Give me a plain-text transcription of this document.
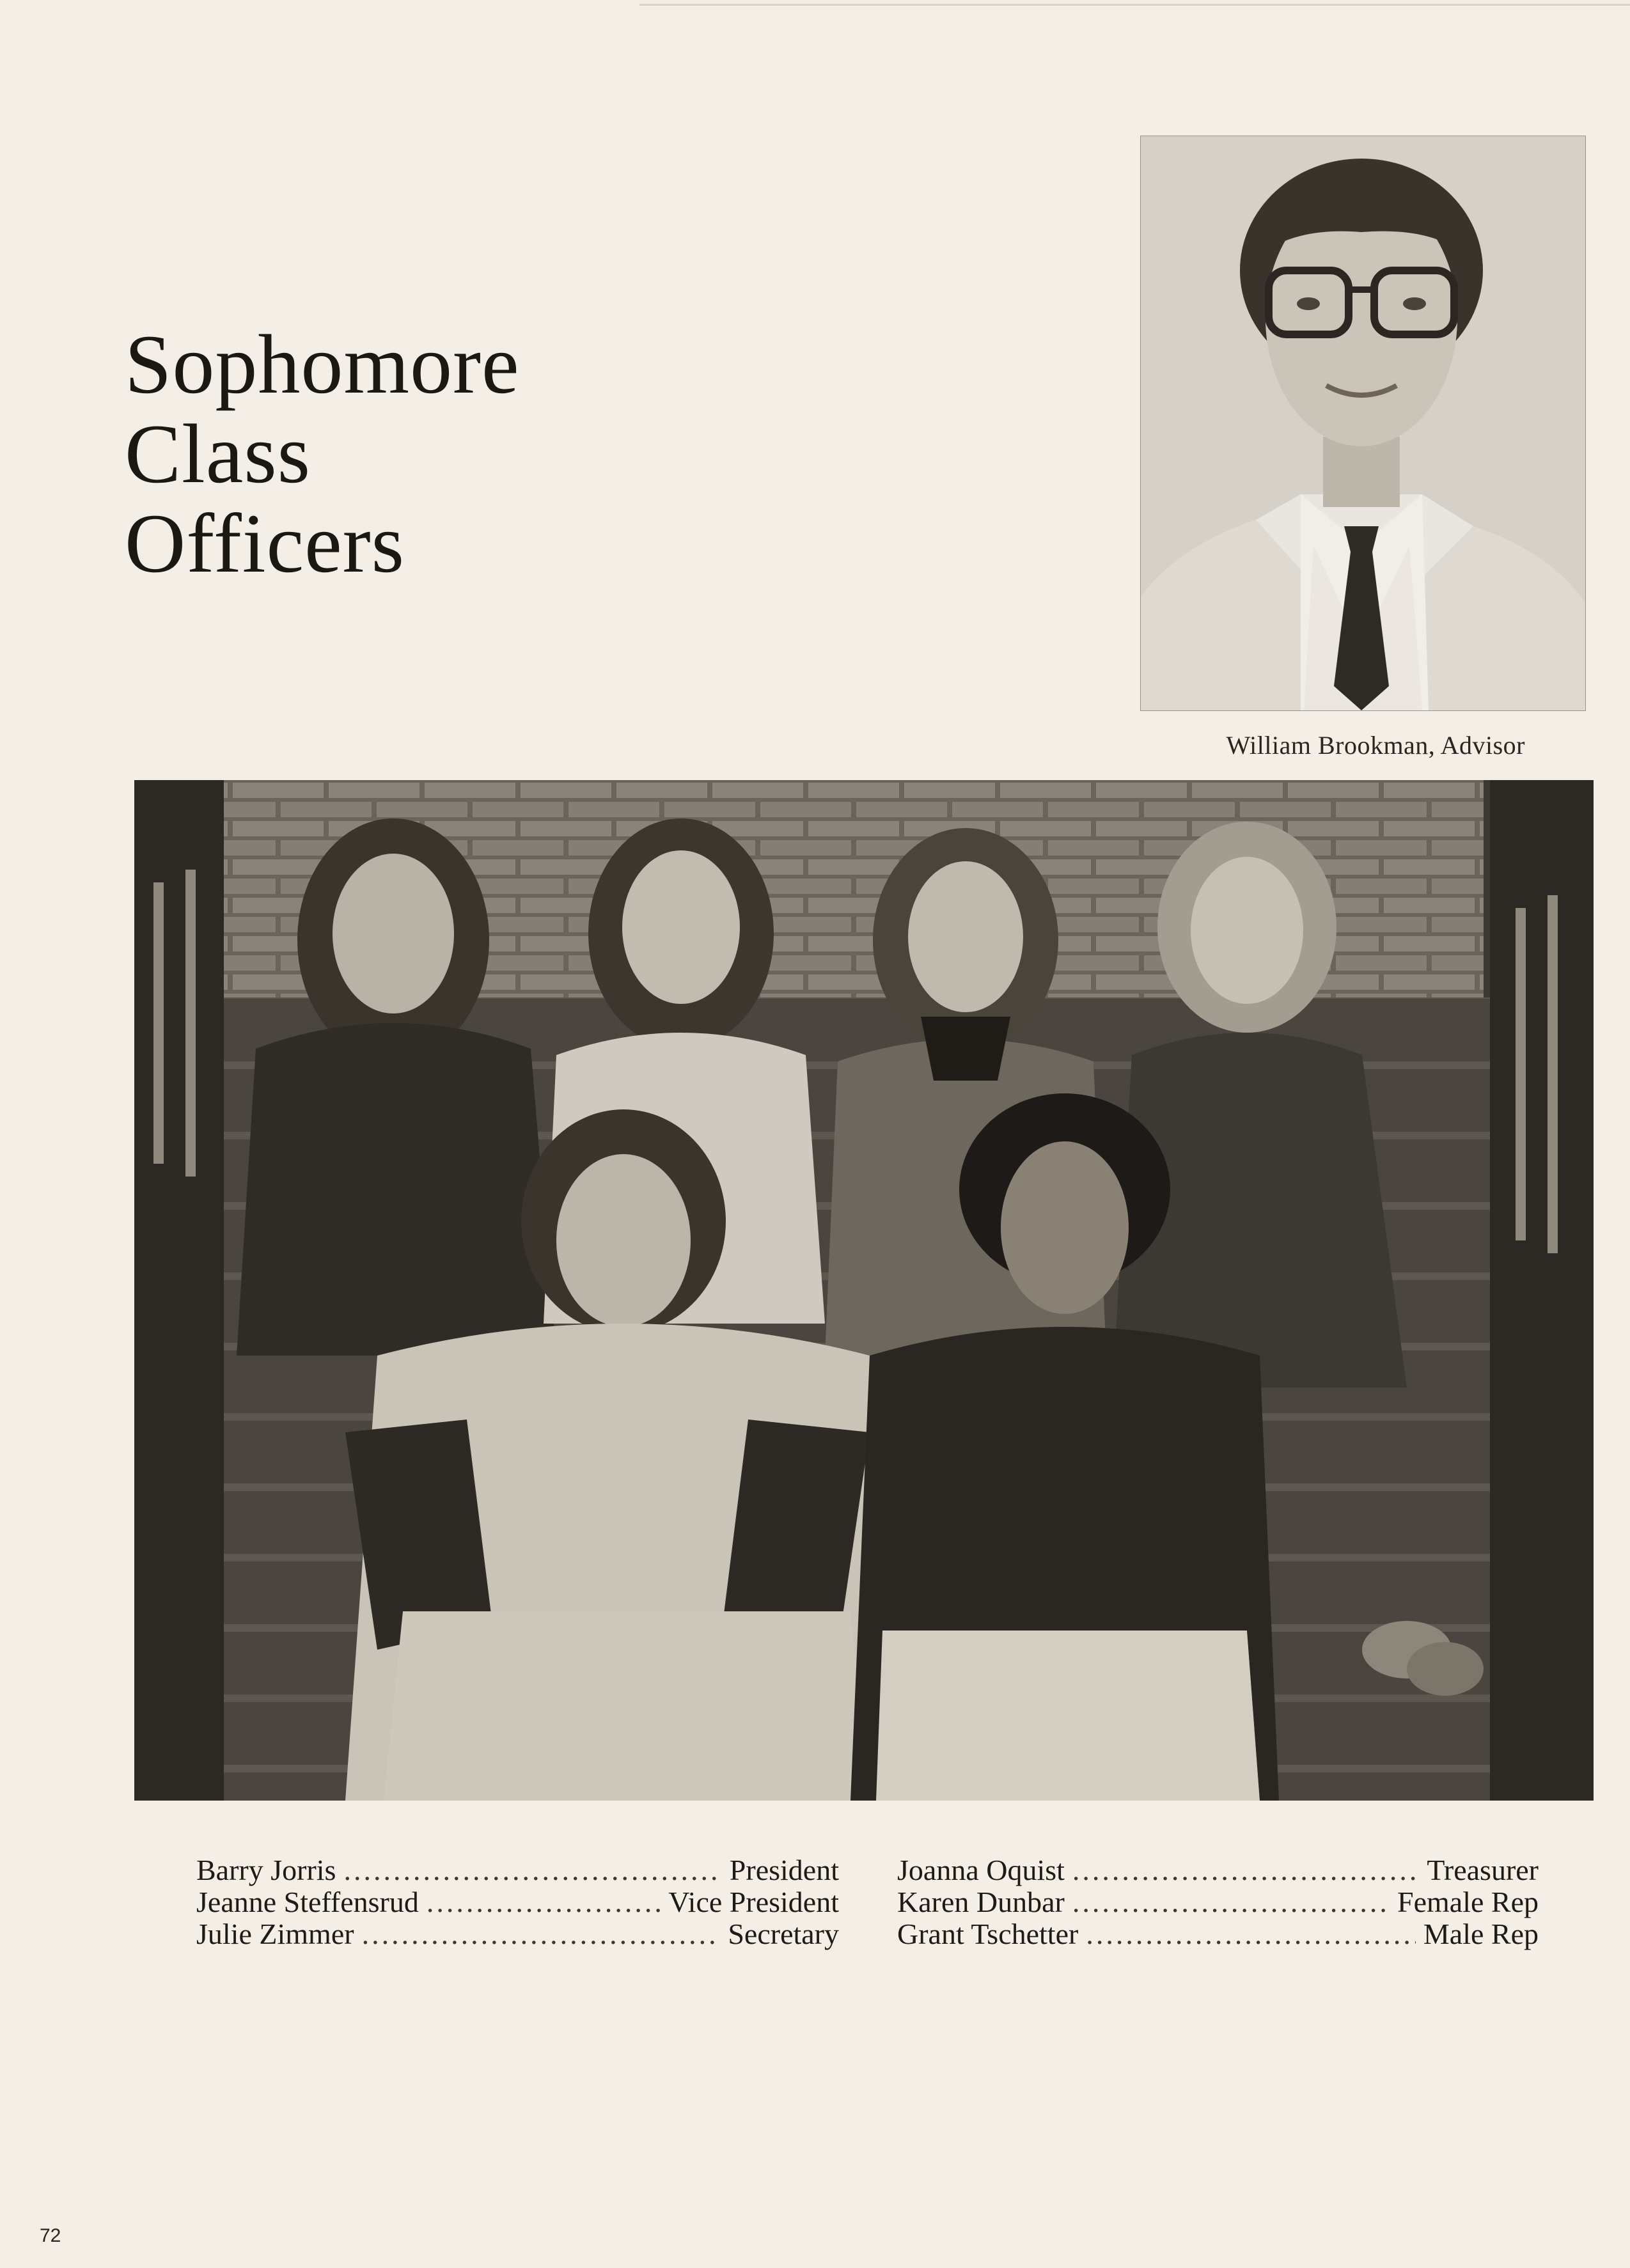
Sophomore
Class
Officers
William Brookman, Advisor
Barry Jorris .....	President
Jeanne Steffensrud .....	Vice President
Julie Zimmer .....	Secretary
Joanna Oquist .....	Treasurer
Karen Dunbar .....	Female Rep
Grant Tschetter .....	Male Rep
72
